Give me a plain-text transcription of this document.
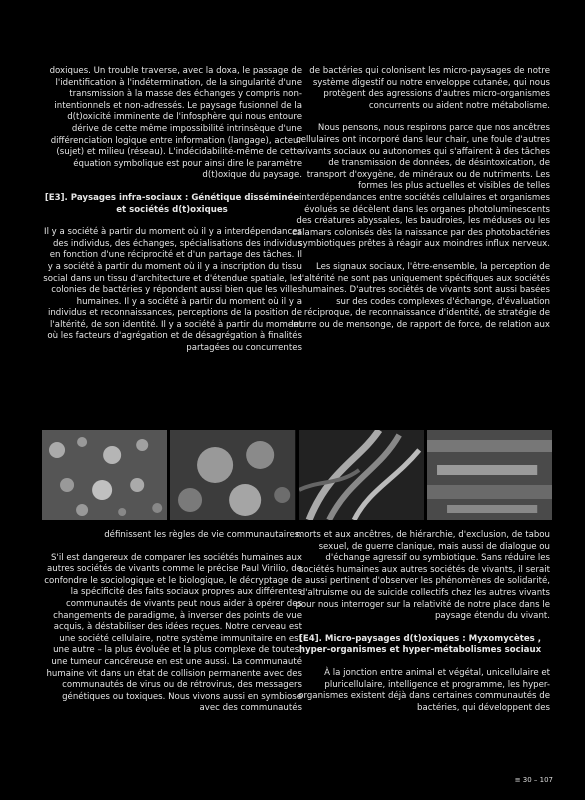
doxiques. Un trouble traverse, avec la doxa, le passage de l'identification à l'indétermination, de la singularité d'une transmission à la masse des échanges y compris non-intentionnels et non-adressés. Le paysage fusionnel de la d(t)oxicité imminente de l'infosphère qui nous entoure dérive de cette même impossibilité intrinsèque d'une différenciation logique entre information (langage), acteur (sujet) et milieu (réseau). L'indécidabilité-même de cette équation symbolique est pour ainsi dire le paramètre d(t)oxique du paysage.

[E3]. Paysages infra-sociaux : Génétique disséminée et sociétés d(t)oxiques

Il y a société à partir du moment où il y a interdépendances des individus, des échanges, spécialisations des individus en fonction d'une réciprocité et d'un partage des tâches. Il y a société à partir du moment où il y a inscription du tissu social dans un tissu d'architecture et d'étendue spatiale, les colonies de bactéries y répondent aussi bien que les villes humaines. Il y a société à partir du moment où il y a individus et reconnaissances, perceptions de la position de l'altérité, de son identité. Il y a société à partir du moment où les facteurs d'agrégation et de désagrégation à finalités partagées ou concurrentes

de bactéries qui colonisent les micro-paysages de notre système digestif ou notre enveloppe cutanée, qui nous protègent des agressions d'autres micro-organismes concurrents ou aident notre métabolisme.

Nous pensons, nous respirons parce que nos ancêtres cellulaires ont incorporé dans leur chair, une foule d'autres vivants sociaux ou autonomes qui s'affairent à des tâches de transmission de données, de désintoxication, de transport d'oxygène, de minéraux ou de nutriments. Les formes les plus actuelles et visibles de telles interdépendances entre sociétés cellulaires et organismes évolués se décèlent dans les organes photoluminescents des créatures abyssales, les baudroies, les méduses ou les calamars colonisés dès la naissance par des photobactéries symbiotiques prêtes à réagir aux moindres influx nerveux.

Les signaux sociaux, l'être-ensemble, la perception de l'altérité ne sont pas uniquement spécifiques aux sociétés humaines. D'autres sociétés de vivants sont aussi basées sur des codes complexes d'échange, d'évaluation réciproque, de reconnaissance d'identité, de stratégie de leurre ou de mensonge, de rapport de force, de relation aux

définissent les règles de vie communautaires.

S'il est dangereux de comparer les sociétés humaines aux autres sociétés de vivants comme le précise Paul Virilio, de confondre le sociologique et le biologique, le décryptage de la spécificité des faits sociaux propres aux différentes communautés de vivants peut nous aider à opérer des changements de paradigme, à inverser des points de vue acquis, à déstabiliser des idées reçues. Notre cerveau est une société cellulaire, notre système immunitaire en est une autre – la plus évoluée et la plus complexe de toutes, une tumeur cancéreuse en est une aussi. La communauté humaine vit dans un état de collision permanente avec des communautés de virus ou de rétrovirus, des messagers génétiques ou toxiques. Nous vivons aussi en symbiose avec des communautés

morts et aux ancêtres, de hiérarchie, d'exclusion, de tabou sexuel, de guerre clanique, mais aussi de dialogue ou d'échange agressif ou symbiotique. Sans réduire les sociétés humaines aux autres sociétés de vivants, il serait aussi pertinent d'observer les phénomènes de solidarité, d'altruisme ou de suicide collectifs chez les autres vivants pour nous interroger sur la relativité de notre place dans le paysage étendu du vivant.

[E4]. Micro-paysages d(t)oxiques : Myxomycètes , hyper-organismes et hyper-métabolismes sociaux

À la jonction entre animal et végétal, unicellulaire et pluricellulaire, intelligence et programme, les hyper-organismes existent déjà dans certaines communautés de bactéries, qui développent des

≡ 30 – 107
